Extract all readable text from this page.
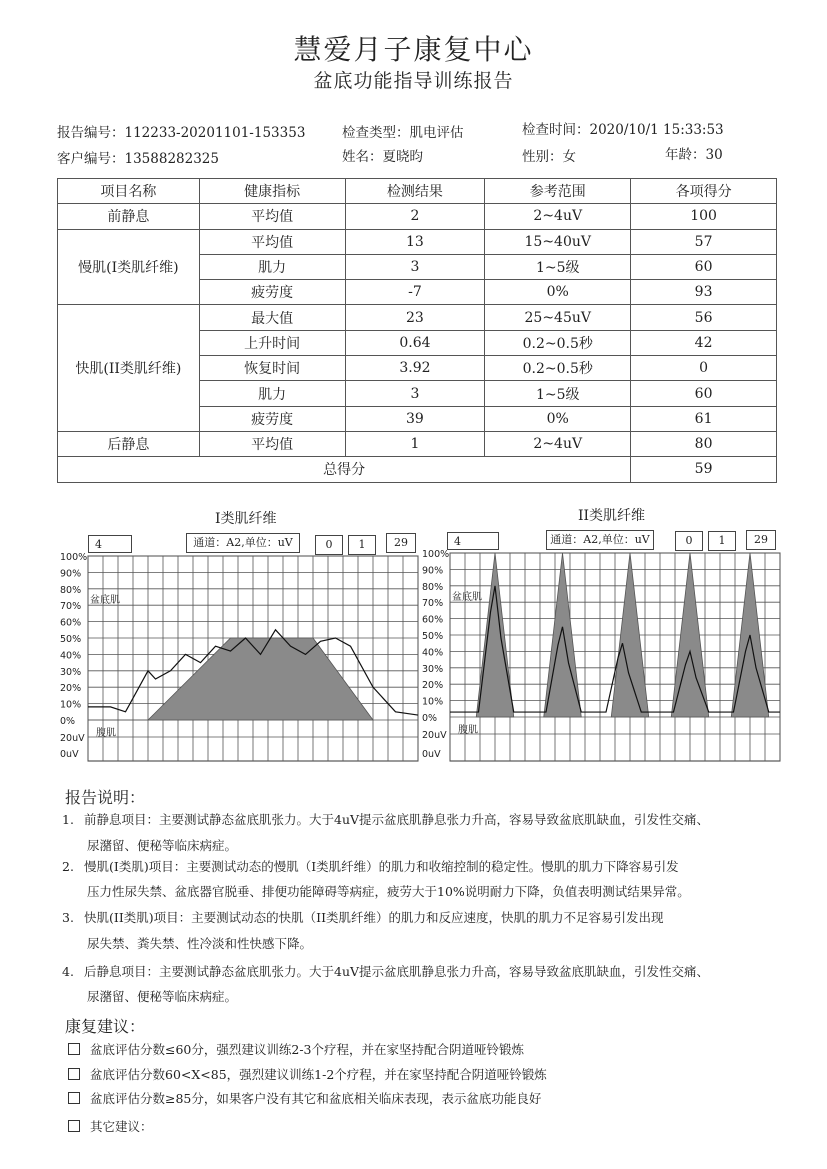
慧爱月子康复中心
盆底功能指导训练报告
报告编号：112233-20201101-153353	检查类型：肌电评估	检查时间：2020/10/1 15:33:53
客户编号：13588282325	姓名：夏晓昀	性别：女	年龄：30
项目名称	健康指标	检测结果	参考范围	各项得分
前静息	平均值	2	2~4uV	100
慢肌(I类肌纤维)	平均值	13	15~40uV	57
	肌力	3	1~5级	60
	疲劳度	-7	0%	93
快肌(II类肌纤维)	最大值	23	25~45uV	56
	上升时间	0.64	0.2~0.5秒	42
	恢复时间	3.92	0.2~0.5秒	0
	肌力	3	1~5级	60
	疲劳度	39	0%	61
后静息	平均值	1	2~4uV	80
总得分				59
I类肌纤维	II类肌纤维
4	通道：A2,单位：uV	0	1	29	4	通道：A2,单位：uV	0	1	29
100%
90%
80%
70%
60%
50%
40%
30%
20%
10%
0%
20uV
0uV
盆底肌
腹肌
100%
90%
80%
70%
60%
50%
40%
30%
20%
10%
0%
20uV
0uV
盆底肌
腹肌
报告说明：
1. 前静息项目：主要测试静态盆底肌张力。大于4uV提示盆底肌静息张力升高，容易导致盆底肌缺血，引发性交痛、
尿潴留、便秘等临床病症。
2. 慢肌(I类肌)项目：主要测试动态的慢肌（I类肌纤维）的肌力和收缩控制的稳定性。慢肌的肌力下降容易引发
压力性尿失禁、盆底器官脱垂、排便功能障碍等病症，疲劳大于10%说明耐力下降，负值表明测试结果异常。
3. 快肌(II类肌)项目：主要测试动态的快肌（II类肌纤维）的肌力和反应速度，快肌的肌力不足容易引发出现
尿失禁、粪失禁、性冷淡和性快感下降。
4. 后静息项目：主要测试静态盆底肌张力。大于4uV提示盆底肌静息张力升高，容易导致盆底肌缺血，引发性交痛、
尿潴留、便秘等临床病症。
康复建议：
盆底评估分数≤60分，强烈建议训练2-3个疗程，并在家坚持配合阴道哑铃锻炼
盆底评估分数60<X<85，强烈建议训练1-2个疗程，并在家坚持配合阴道哑铃锻炼
盆底评估分数≥85分，如果客户没有其它和盆底相关临床表现，表示盆底功能良好
其它建议：
